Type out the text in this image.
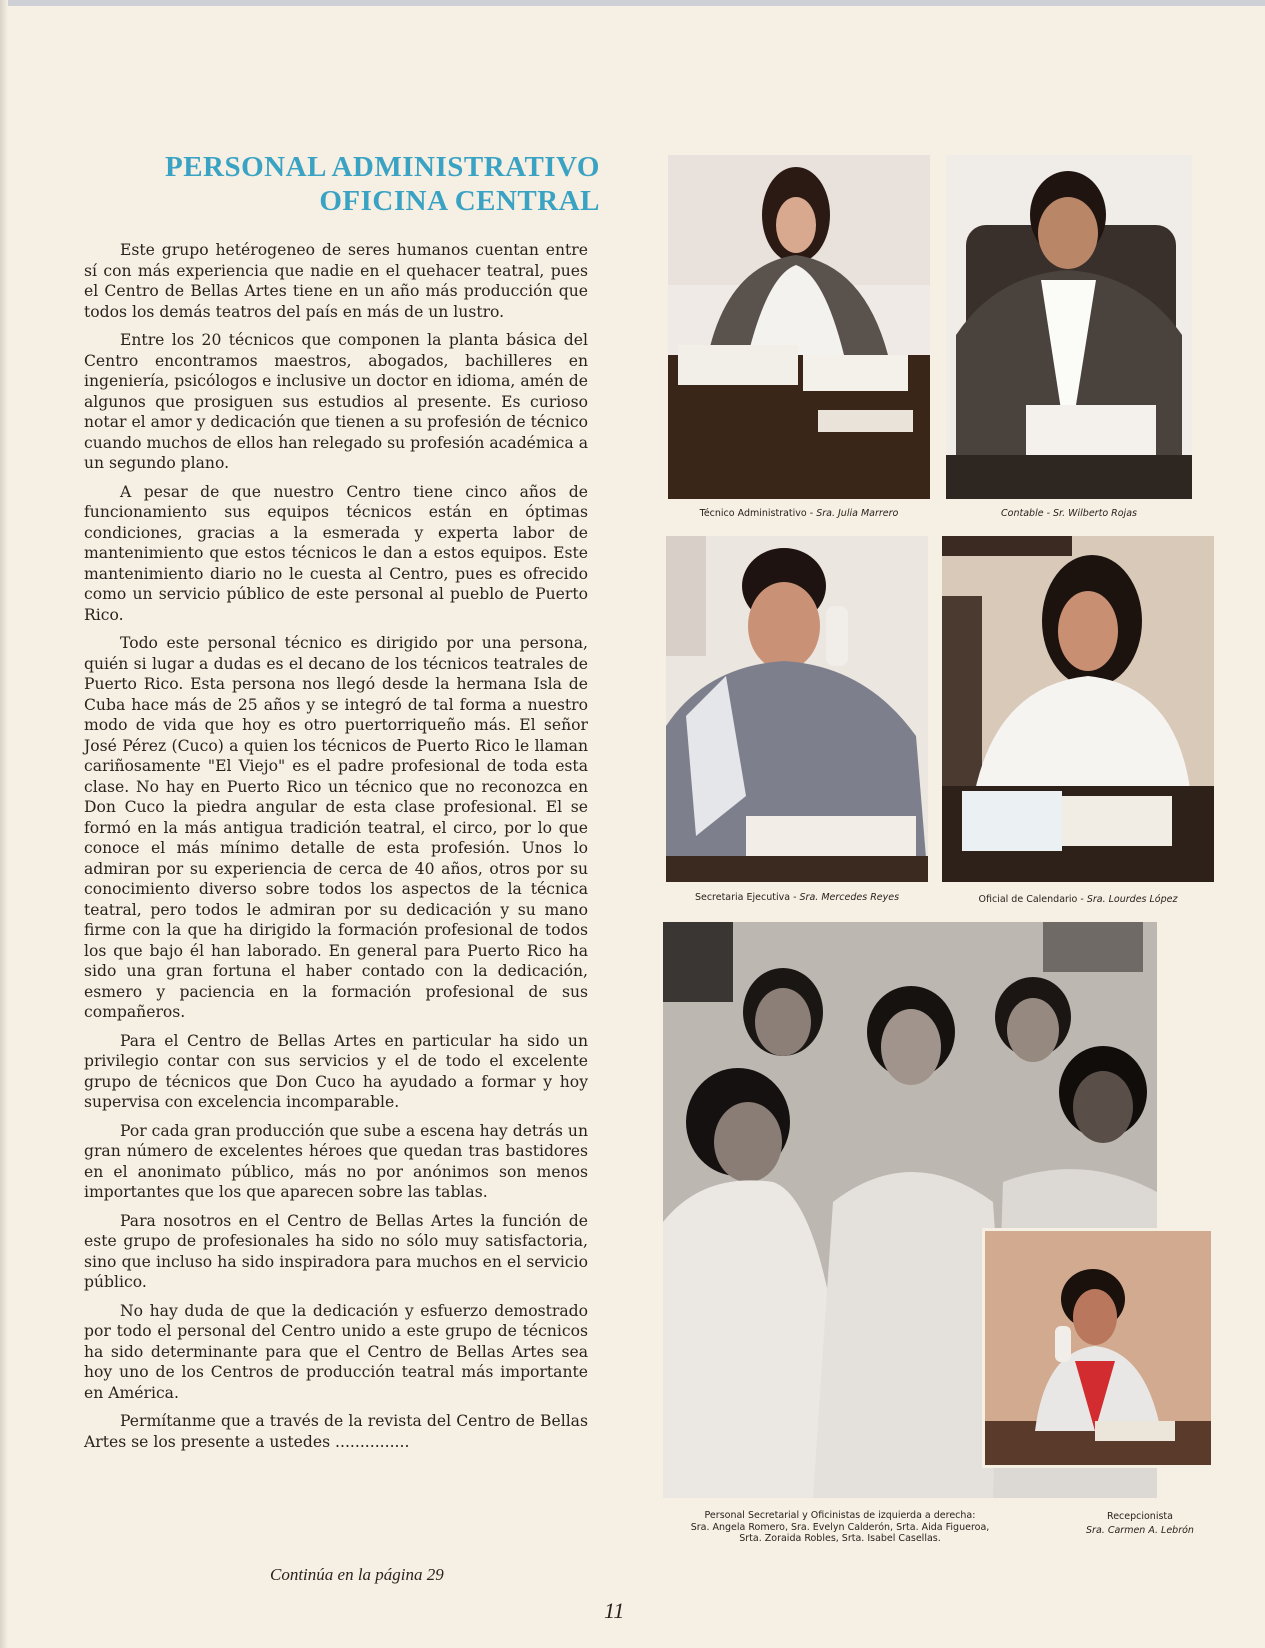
PERSONAL ADMINISTRATIVO
OFICINA CENTRAL

Este grupo hetérogeneo de seres humanos cuentan entre sí con más experiencia que nadie en el quehacer teatral, pues el Centro de Bellas Artes tiene en un año más producción que todos los demás teatros del país en más de un lustro.

Entre los 20 técnicos que componen la planta básica del Centro encontramos maestros, abogados, bachilleres en ingeniería, psicólogos e inclusive un doctor en idioma, amén de algunos que prosiguen sus estudios al presente. Es curioso notar el amor y dedicación que tienen a su profesión de técnico cuando muchos de ellos han relegado su profesión académica a un segundo plano.

A pesar de que nuestro Centro tiene cinco años de funcionamiento sus equipos técnicos están en óptimas condiciones, gracias a la esmerada y experta labor de mantenimiento que estos técnicos le dan a estos equipos. Este mantenimiento diario no le cuesta al Centro, pues es ofrecido como un servicio público de este personal al pueblo de Puerto Rico.

Todo este personal técnico es dirigido por una persona, quién si lugar a dudas es el decano de los técnicos teatrales de Puerto Rico. Esta persona nos llegó desde la hermana Isla de Cuba hace más de 25 años y se integró de tal forma a nuestro modo de vida que hoy es otro puertorriqueño más. El señor José Pérez (Cuco) a quien los técnicos de Puerto Rico le llaman cariñosamente "El Viejo" es el padre profesional de toda esta clase. No hay en Puerto Rico un técnico que no reconozca en Don Cuco la piedra angular de esta clase profesional. El se formó en la más antigua tradición teatral, el circo, por lo que conoce el más mínimo detalle de esta profesión. Unos lo admiran por su experiencia de cerca de 40 años, otros por su conocimiento diverso sobre todos los aspectos de la técnica teatral, pero todos le admiran por su dedicación y su mano firme con la que ha dirigido la formación profesional de todos los que bajo él han laborado. En general para Puerto Rico ha sido una gran fortuna el haber contado con la dedicación, esmero y paciencia en la formación profesional de sus compañeros.

Para el Centro de Bellas Artes en particular ha sido un privilegio contar con sus servicios y el de todo el excelente grupo de técnicos que Don Cuco ha ayudado a formar y hoy supervisa con excelencia incomparable.

Por cada gran producción que sube a escena hay detrás un gran número de excelentes héroes que quedan tras bastidores en el anonimato público, más no por anónimos son menos importantes que los que aparecen sobre las tablas.

Para nosotros en el Centro de Bellas Artes la función de este grupo de profesionales ha sido no sólo muy satisfactoria, sino que incluso ha sido inspiradora para muchos en el servicio público.

No hay duda de que la dedicación y esfuerzo demostrado por todo el personal del Centro unido a este grupo de técnicos ha sido determinante para que el Centro de Bellas Artes sea hoy uno de los Centros de producción teatral más importante en América.

Permítanme que a través de la revista del Centro de Bellas Artes se los presente a ustedes ...............

Continúa en la página 29
11
Técnico Administrativo - Sra. Julia Marrero	Contable - Sr. Wilberto Rojas
Secretaria Ejecutiva - Sra. Mercedes Reyes	Oficial de Calendario - Sra. Lourdes López
Personal Secretarial y Oficinistas de izquierda a derecha:
Sra. Angela Romero, Sra. Evelyn Calderón, Srta. Aida Figueroa,
Srta. Zoraida Robles, Srta. Isabel Casellas.
Recepcionista
Sra. Carmen A. Lebrón
